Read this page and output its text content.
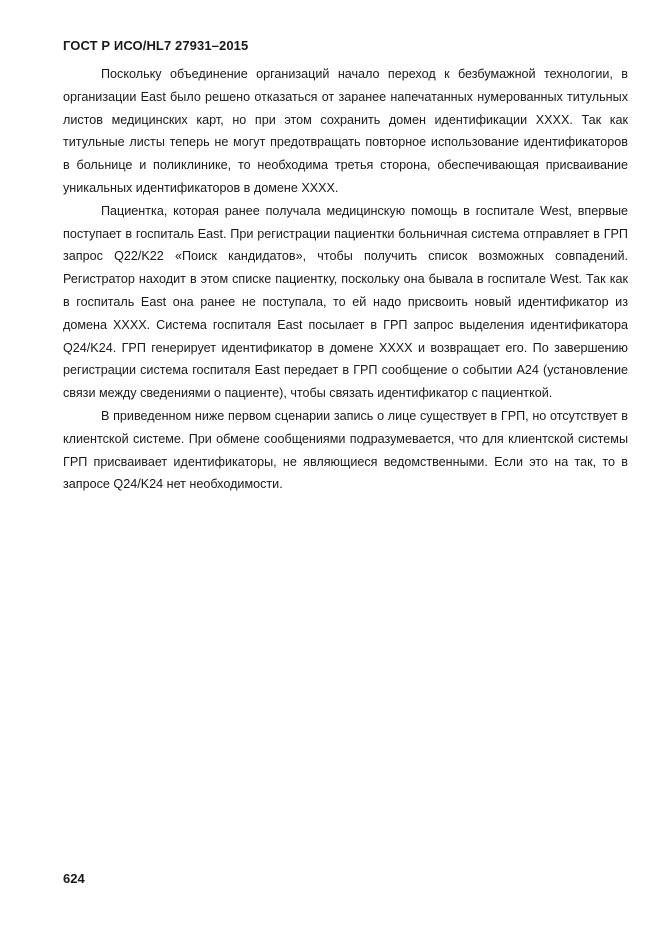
ГОСТ Р ИСО/HL7 27931–2015

Поскольку объединение организаций начало переход к безбумажной технологии, в организации East было решено отказаться от заранее напечатанных нумерованных титульных листов медицинских карт, но при этом сохранить домен идентификации XXXX. Так как титульные листы теперь не могут предотвращать повторное использование идентификаторов в больнице и поликлинике, то необходима третья сторона, обеспечивающая присваивание уникальных идентификаторов в домене XXXX.

Пациентка, которая ранее получала медицинскую помощь в госпитале West, впервые поступает в госпиталь East. При регистрации пациентки больничная система отправляет в ГРП запрос Q22/K22 «Поиск кандидатов», чтобы получить список возможных совпадений. Регистратор находит в этом списке пациентку, поскольку она бывала в госпитале West. Так как в госпиталь East она ранее не поступала, то ей надо присвоить новый идентификатор из домена XXXX. Система госпиталя East посылает в ГРП запрос выделения идентификатора Q24/K24. ГРП генерирует идентификатор в домене XXXX и возвращает его. По завершению регистрации система госпиталя East передает в ГРП сообщение о событии A24 (установление связи между сведениями о пациенте), чтобы связать идентификатор с пациенткой.

В приведенном ниже первом сценарии запись о лице существует в ГРП, но отсутствует в клиентской системе. При обмене сообщениями подразумевается, что для клиентской системы ГРП присваивает идентификаторы, не являющиеся ведомственными. Если это на так, то в запросе Q24/K24 нет необходимости.

624
